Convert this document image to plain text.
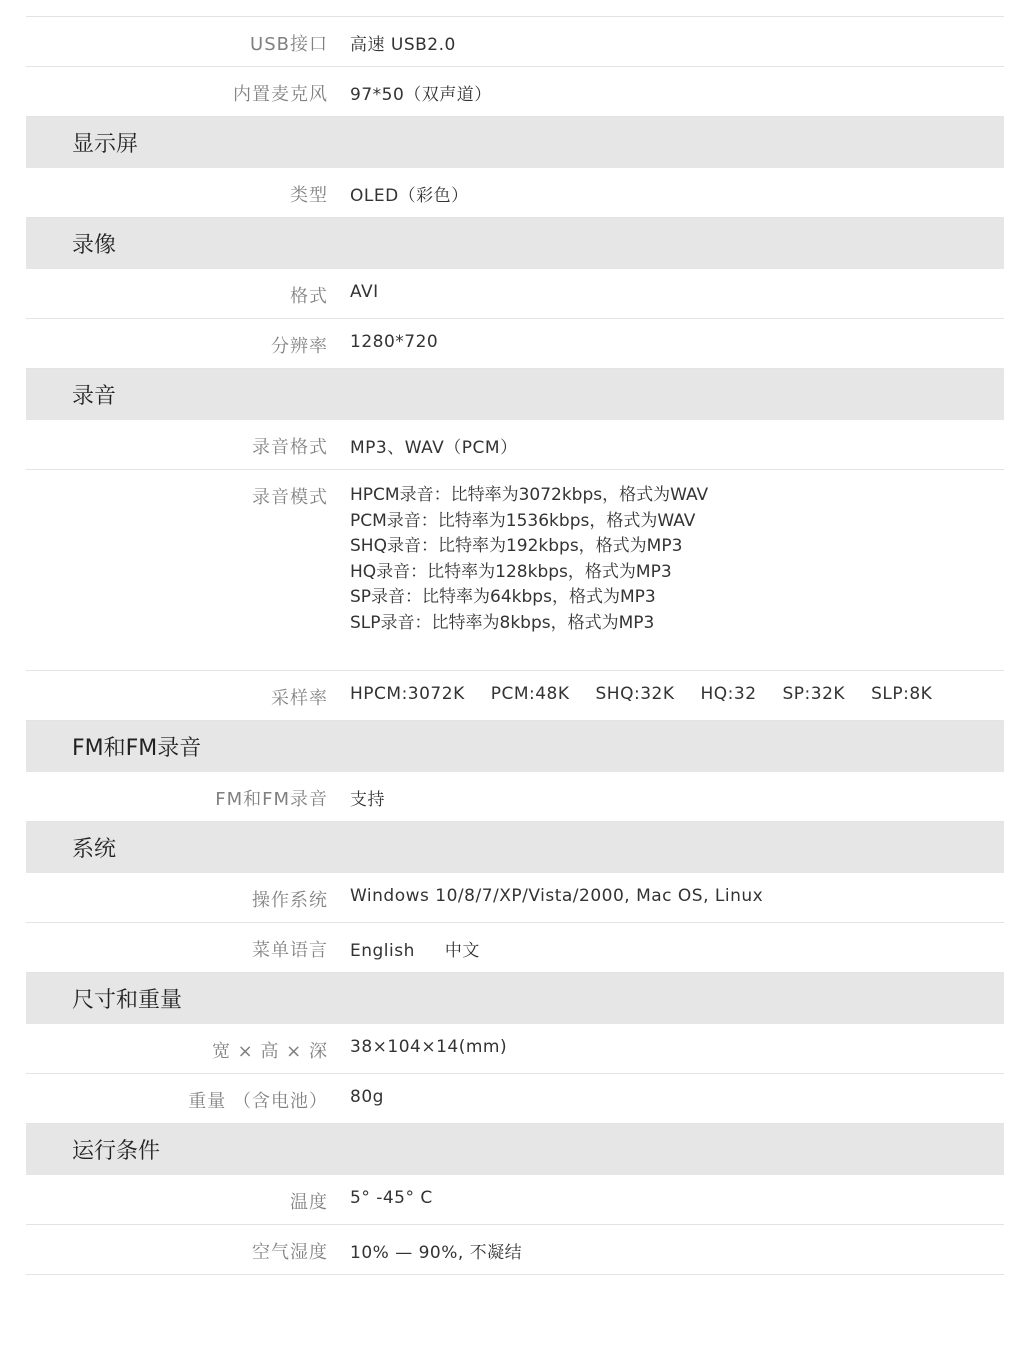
USB接口 高速 USB2.0
内置麦克风 97*50（双声道）
显示屏
类型 OLED（彩色）
录像
格式 AVI
分辨率 1280*720
录音
录音格式 MP3、WAV（PCM）
录音模式 HPCM录音：比特率为3072kbps，格式为WAV
PCM录音：比特率为1536kbps，格式为WAV
SHQ录音：比特率为192kbps，格式为MP3
HQ录音：比特率为128kbps，格式为MP3
SP录音：比特率为64kbps，格式为MP3
SLP录音：比特率为8kbps，格式为MP3
采样率 HPCM:3072K PCM:48K SHQ:32K HQ:32 SP:32K SLP:8K
FM和FM录音
FM和FM录音 支持
系统
操作系统 Windows 10/8/7/XP/Vista/2000, Mac OS, Linux
菜单语言 English 中文
尺寸和重量
宽 × 高 × 深 38×104×14(mm)
重量 （含电池） 80g
运行条件
温度 5° -45° C
空气湿度 10% — 90%, 不凝结
